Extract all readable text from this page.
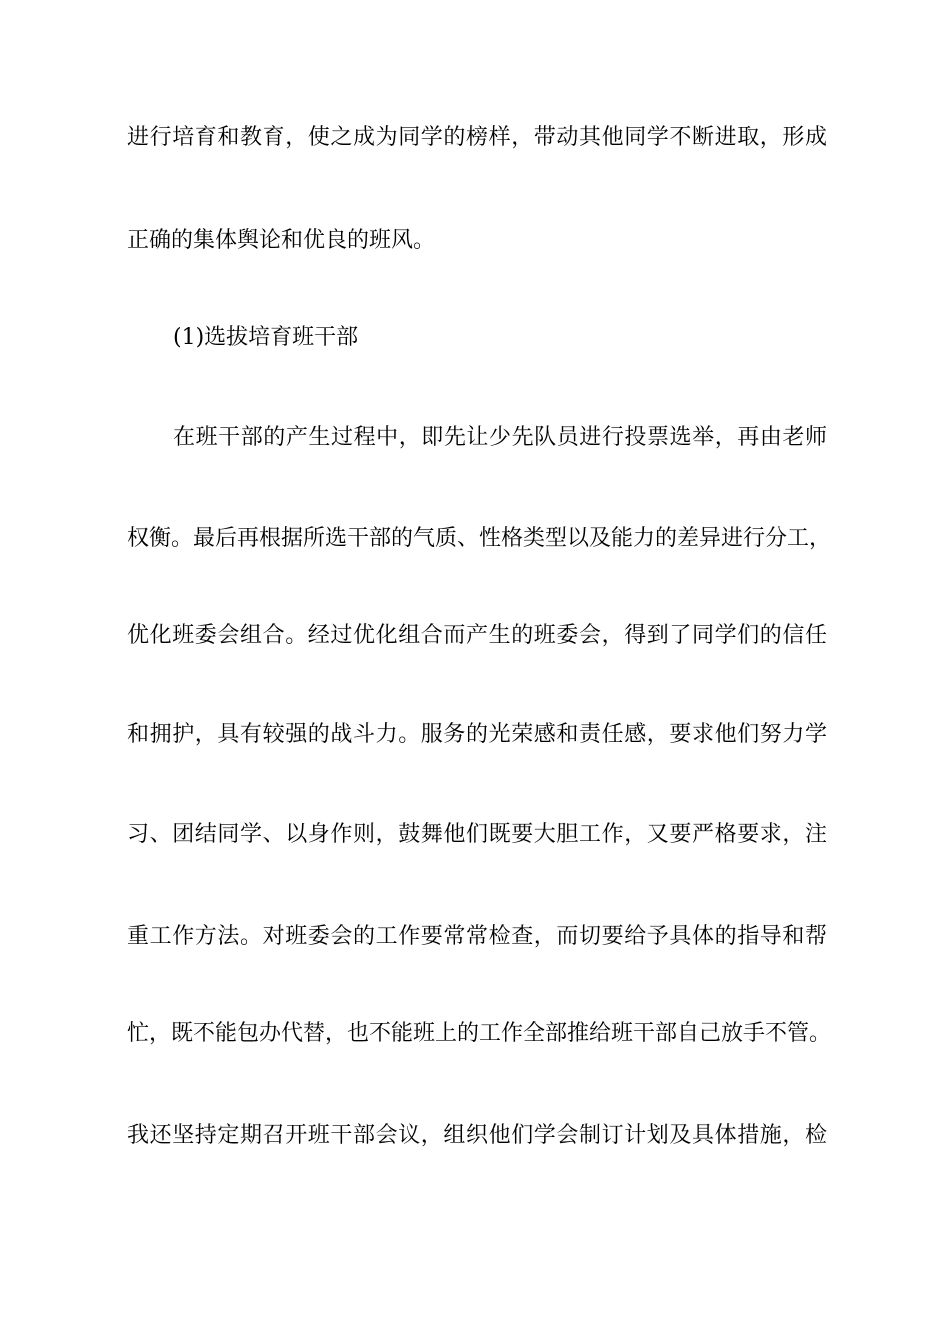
进行培育和教育，使之成为同学的榜样，带动其他同学不断进取，形成

正确的集体舆论和优良的班风。

(1)选拔培育班干部

在班干部的产生过程中，即先让少先队员进行投票选举，再由老师

权衡。最后再根据所选干部的气质、性格类型以及能力的差异进行分工，

优化班委会组合。经过优化组合而产生的班委会，得到了同学们的信任

和拥护，具有较强的战斗力。服务的光荣感和责任感，要求他们努力学

习、团结同学、以身作则，鼓舞他们既要大胆工作，又要严格要求，注

重工作方法。对班委会的工作要常常检查，而切要给予具体的指导和帮

忙，既不能包办代替，也不能班上的工作全部推给班干部自己放手不管。

我还坚持定期召开班干部会议，组织他们学会制订计划及具体措施，检
